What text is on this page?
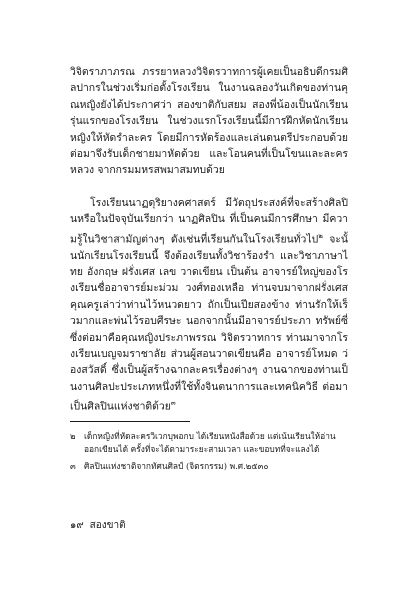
วิจิตราภาภรณ ภรรยาหลวงวิจิตรวาทการผู้เคยเป็นอธิบดีกรมศิลปากรในช่วงเริ่มก่อตั้งโรงเรียน ในงานฉลองวันเกิดของท่านคุณหญิงยังได้ประกาศว่า สองขาติกับสยม สองพี่น้องเป็นนักเรียนรุ่นแรกของโรงเรียน ในช่วงแรกโรงเรียนนี้มีการฝึกหัดนักเรียนหญิงให้หัดรำละคร โดยมีการหัดร้องและเล่นดนตรีประกอบด้วย ต่อมาจึงรับเด็กชายมาหัดด้วย และโอนคนที่เป็นโขนและละครหลวง จากกรมมหรสพมาสมทบด้วย

โรงเรียนนาฏดุริยางคศาสตร์ มีวัตถุประสงค์ที่จะสร้างศิลปินหรือในปัจจุบันเรียกว่า นาฏศิลปิน ที่เป็นคนมีการศึกษา มีความรู้ในวิชาสามัญต่างๆ ดังเช่นที่เรียนกันในโรงเรียนทั่วไป$^๒$ จะนั้นนักเรียนโรงเรียนนี้ จึงต้องเรียนทั้งวิชาร้องรำ และวิชาภาษาไทย อังกฤษ ฝรั่งเศส เลข วาดเขียน เป็นต้น อาจารย์ใหญ่ของโรงเรียนชื่ออาจารย์มะม่วม วงศ์ทองเหลือ ท่านจบมาจากฝรั่งเศส คุณครูเล่าว่าท่านไว้หนวดยาว ถักเป็นเปียสองข้าง ท่านรักให้เร็วมากและพ่นไว้รอบศีรษะ นอกจากนั้นมีอาจารย์ประภา ทรัพย์ซี่ ซึ่งต่อมาคือคุณหญิงประภาพรรณ วิจิตรวาทการ ท่านมาจากโรงเรียนเบญจมราชาลัย ส่วนผู้สอนวาดเขียนคือ อาจารย์โหมด ว่องสวัสดิ์ ซึ่งเป็นผู้สร้างฉากละครเรื่องต่างๆ งานฉากของท่านเป็นงานศิลปะประเภทหนึ่งที่ใช้ทั้งจินตนาการและเทคนิควิธี ต่อมาเป็นศิลปินแห่งชาติด้วย$^๓$

๒ เด็กหญิงที่หัดละครวิเวกบุพอกบ ได้เรียนหนังสือด้วย แต่เน้นเรียนให้อ่านออกเขียนได้ ครั้งที่จะได้ตามาระยะสามเวลา และขอบทที่จะแลงได้

๓ ศิลปินแห่งชาติจากทัศนศิลป์ (จิตรกรรม) พ.ศ.๒๕๓๐

๑๙ สองขาติ
